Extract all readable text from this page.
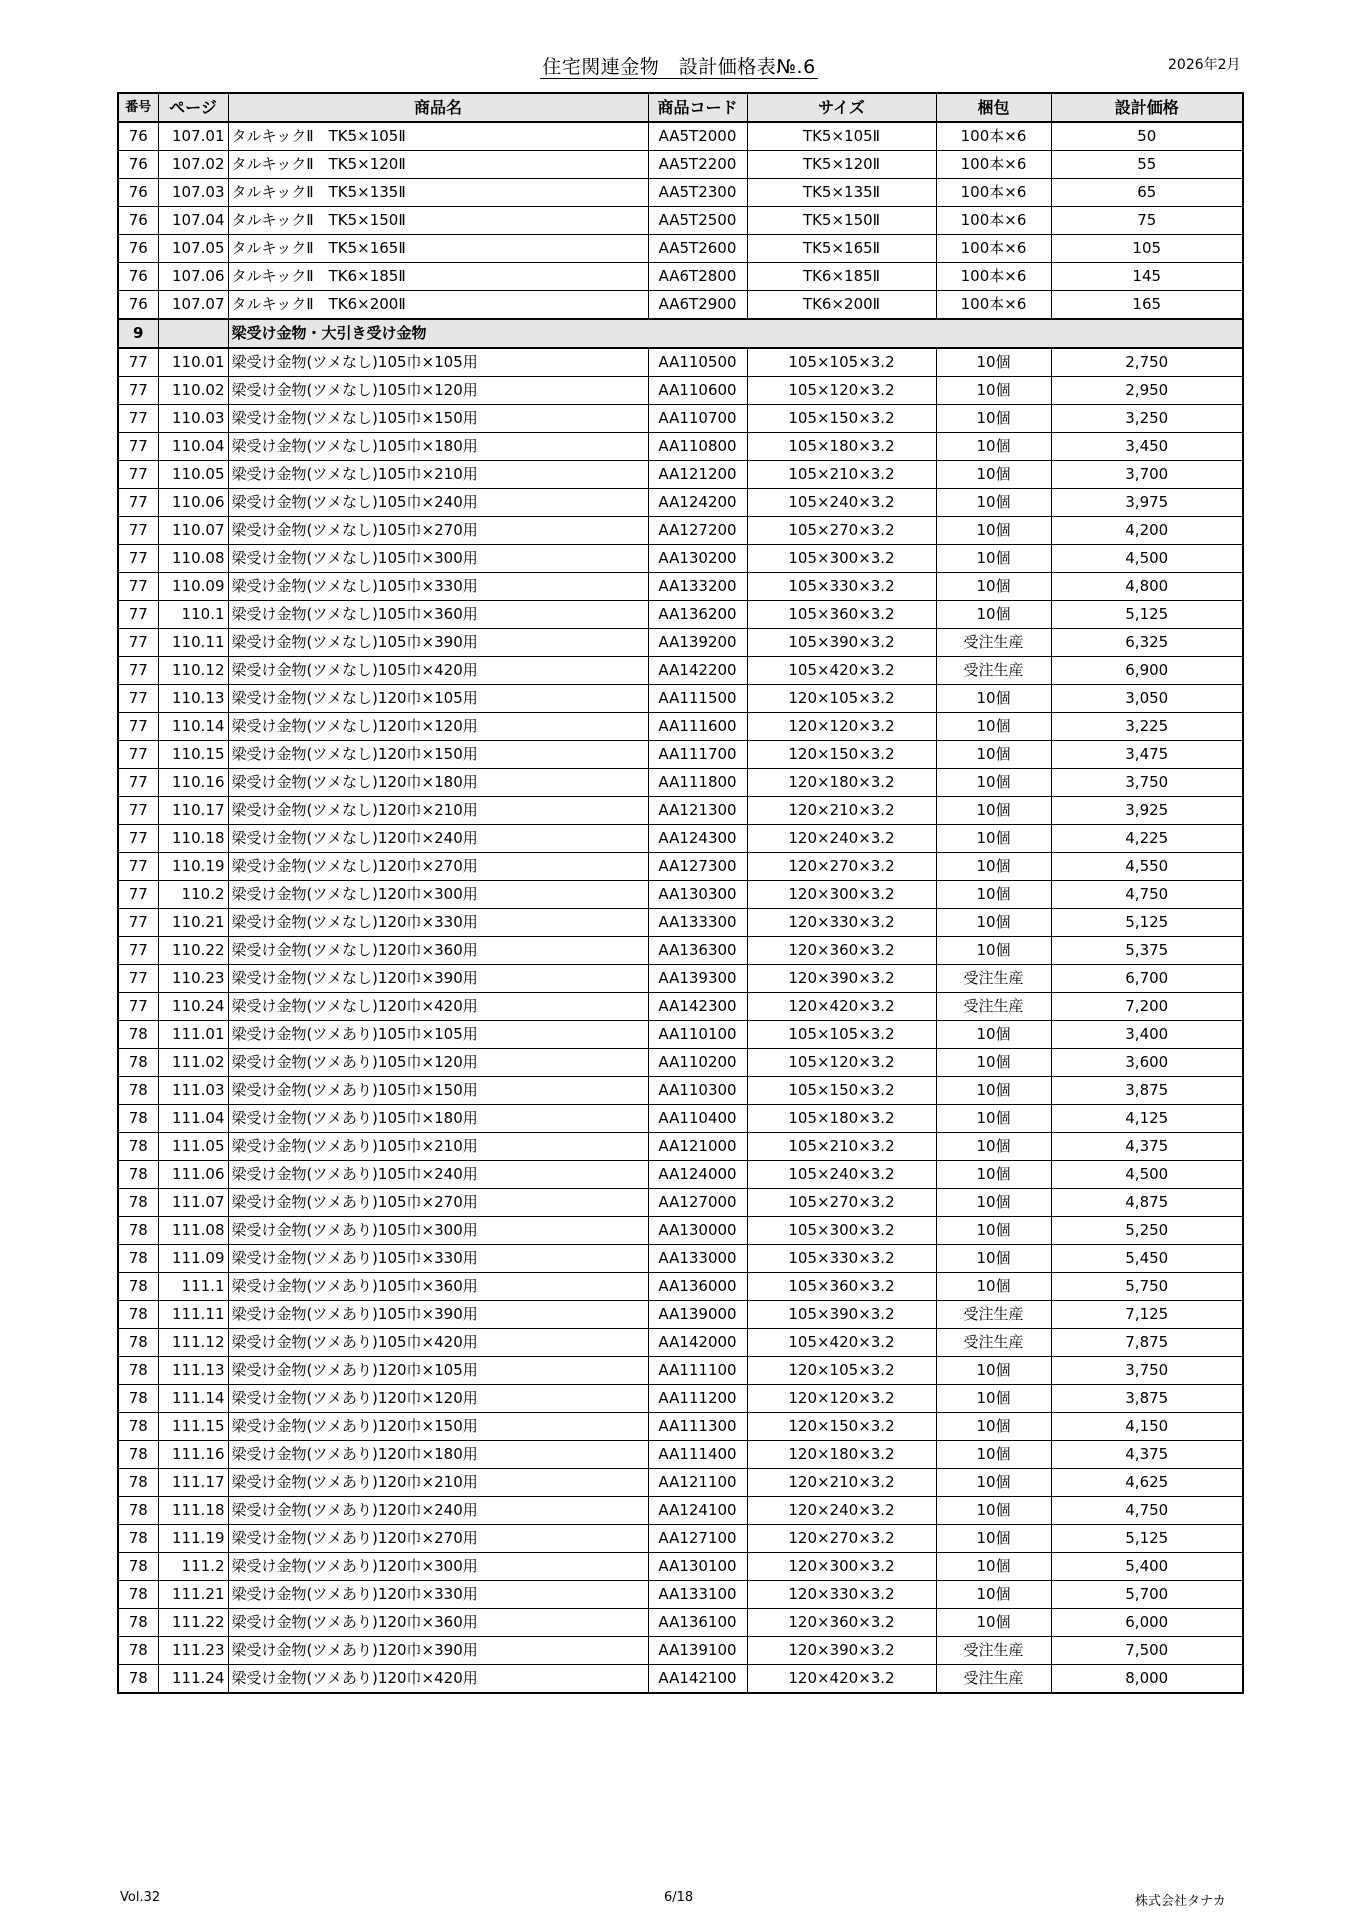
住宅関連金物　設計価格表№.6	2026年2月
番号	ページ	商品名	商品コード	サイズ	梱包	設計価格
76	107.01	タルキックⅡ　TK5×105Ⅱ	AA5T2000	TK5×105Ⅱ	100本×6	50
76	107.02	タルキックⅡ　TK5×120Ⅱ	AA5T2200	TK5×120Ⅱ	100本×6	55
76	107.03	タルキックⅡ　TK5×135Ⅱ	AA5T2300	TK5×135Ⅱ	100本×6	65
76	107.04	タルキックⅡ　TK5×150Ⅱ	AA5T2500	TK5×150Ⅱ	100本×6	75
76	107.05	タルキックⅡ　TK5×165Ⅱ	AA5T2600	TK5×165Ⅱ	100本×6	105
76	107.06	タルキックⅡ　TK6×185Ⅱ	AA6T2800	TK6×185Ⅱ	100本×6	145
76	107.07	タルキックⅡ　TK6×200Ⅱ	AA6T2900	TK6×200Ⅱ	100本×6	165
9		梁受け金物・大引き受け金物				
77	110.01	梁受け金物(ツメなし)105巾×105用	AA110500	105×105×3.2	10個	2,750
77	110.02	梁受け金物(ツメなし)105巾×120用	AA110600	105×120×3.2	10個	2,950
77	110.03	梁受け金物(ツメなし)105巾×150用	AA110700	105×150×3.2	10個	3,250
77	110.04	梁受け金物(ツメなし)105巾×180用	AA110800	105×180×3.2	10個	3,450
77	110.05	梁受け金物(ツメなし)105巾×210用	AA121200	105×210×3.2	10個	3,700
77	110.06	梁受け金物(ツメなし)105巾×240用	AA124200	105×240×3.2	10個	3,975
77	110.07	梁受け金物(ツメなし)105巾×270用	AA127200	105×270×3.2	10個	4,200
77	110.08	梁受け金物(ツメなし)105巾×300用	AA130200	105×300×3.2	10個	4,500
77	110.09	梁受け金物(ツメなし)105巾×330用	AA133200	105×330×3.2	10個	4,800
77	110.1	梁受け金物(ツメなし)105巾×360用	AA136200	105×360×3.2	10個	5,125
77	110.11	梁受け金物(ツメなし)105巾×390用	AA139200	105×390×3.2	受注生産	6,325
77	110.12	梁受け金物(ツメなし)105巾×420用	AA142200	105×420×3.2	受注生産	6,900
77	110.13	梁受け金物(ツメなし)120巾×105用	AA111500	120×105×3.2	10個	3,050
77	110.14	梁受け金物(ツメなし)120巾×120用	AA111600	120×120×3.2	10個	3,225
77	110.15	梁受け金物(ツメなし)120巾×150用	AA111700	120×150×3.2	10個	3,475
77	110.16	梁受け金物(ツメなし)120巾×180用	AA111800	120×180×3.2	10個	3,750
77	110.17	梁受け金物(ツメなし)120巾×210用	AA121300	120×210×3.2	10個	3,925
77	110.18	梁受け金物(ツメなし)120巾×240用	AA124300	120×240×3.2	10個	4,225
77	110.19	梁受け金物(ツメなし)120巾×270用	AA127300	120×270×3.2	10個	4,550
77	110.2	梁受け金物(ツメなし)120巾×300用	AA130300	120×300×3.2	10個	4,750
77	110.21	梁受け金物(ツメなし)120巾×330用	AA133300	120×330×3.2	10個	5,125
77	110.22	梁受け金物(ツメなし)120巾×360用	AA136300	120×360×3.2	10個	5,375
77	110.23	梁受け金物(ツメなし)120巾×390用	AA139300	120×390×3.2	受注生産	6,700
77	110.24	梁受け金物(ツメなし)120巾×420用	AA142300	120×420×3.2	受注生産	7,200
78	111.01	梁受け金物(ツメあり)105巾×105用	AA110100	105×105×3.2	10個	3,400
78	111.02	梁受け金物(ツメあり)105巾×120用	AA110200	105×120×3.2	10個	3,600
78	111.03	梁受け金物(ツメあり)105巾×150用	AA110300	105×150×3.2	10個	3,875
78	111.04	梁受け金物(ツメあり)105巾×180用	AA110400	105×180×3.2	10個	4,125
78	111.05	梁受け金物(ツメあり)105巾×210用	AA121000	105×210×3.2	10個	4,375
78	111.06	梁受け金物(ツメあり)105巾×240用	AA124000	105×240×3.2	10個	4,500
78	111.07	梁受け金物(ツメあり)105巾×270用	AA127000	105×270×3.2	10個	4,875
78	111.08	梁受け金物(ツメあり)105巾×300用	AA130000	105×300×3.2	10個	5,250
78	111.09	梁受け金物(ツメあり)105巾×330用	AA133000	105×330×3.2	10個	5,450
78	111.1	梁受け金物(ツメあり)105巾×360用	AA136000	105×360×3.2	10個	5,750
78	111.11	梁受け金物(ツメあり)105巾×390用	AA139000	105×390×3.2	受注生産	7,125
78	111.12	梁受け金物(ツメあり)105巾×420用	AA142000	105×420×3.2	受注生産	7,875
78	111.13	梁受け金物(ツメあり)120巾×105用	AA111100	120×105×3.2	10個	3,750
78	111.14	梁受け金物(ツメあり)120巾×120用	AA111200	120×120×3.2	10個	3,875
78	111.15	梁受け金物(ツメあり)120巾×150用	AA111300	120×150×3.2	10個	4,150
78	111.16	梁受け金物(ツメあり)120巾×180用	AA111400	120×180×3.2	10個	4,375
78	111.17	梁受け金物(ツメあり)120巾×210用	AA121100	120×210×3.2	10個	4,625
78	111.18	梁受け金物(ツメあり)120巾×240用	AA124100	120×240×3.2	10個	4,750
78	111.19	梁受け金物(ツメあり)120巾×270用	AA127100	120×270×3.2	10個	5,125
78	111.2	梁受け金物(ツメあり)120巾×300用	AA130100	120×300×3.2	10個	5,400
78	111.21	梁受け金物(ツメあり)120巾×330用	AA133100	120×330×3.2	10個	5,700
78	111.22	梁受け金物(ツメあり)120巾×360用	AA136100	120×360×3.2	10個	6,000
78	111.23	梁受け金物(ツメあり)120巾×390用	AA139100	120×390×3.2	受注生産	7,500
78	111.24	梁受け金物(ツメあり)120巾×420用	AA142100	120×420×3.2	受注生産	8,000
Vol.32	6/18	株式会社タナカ
